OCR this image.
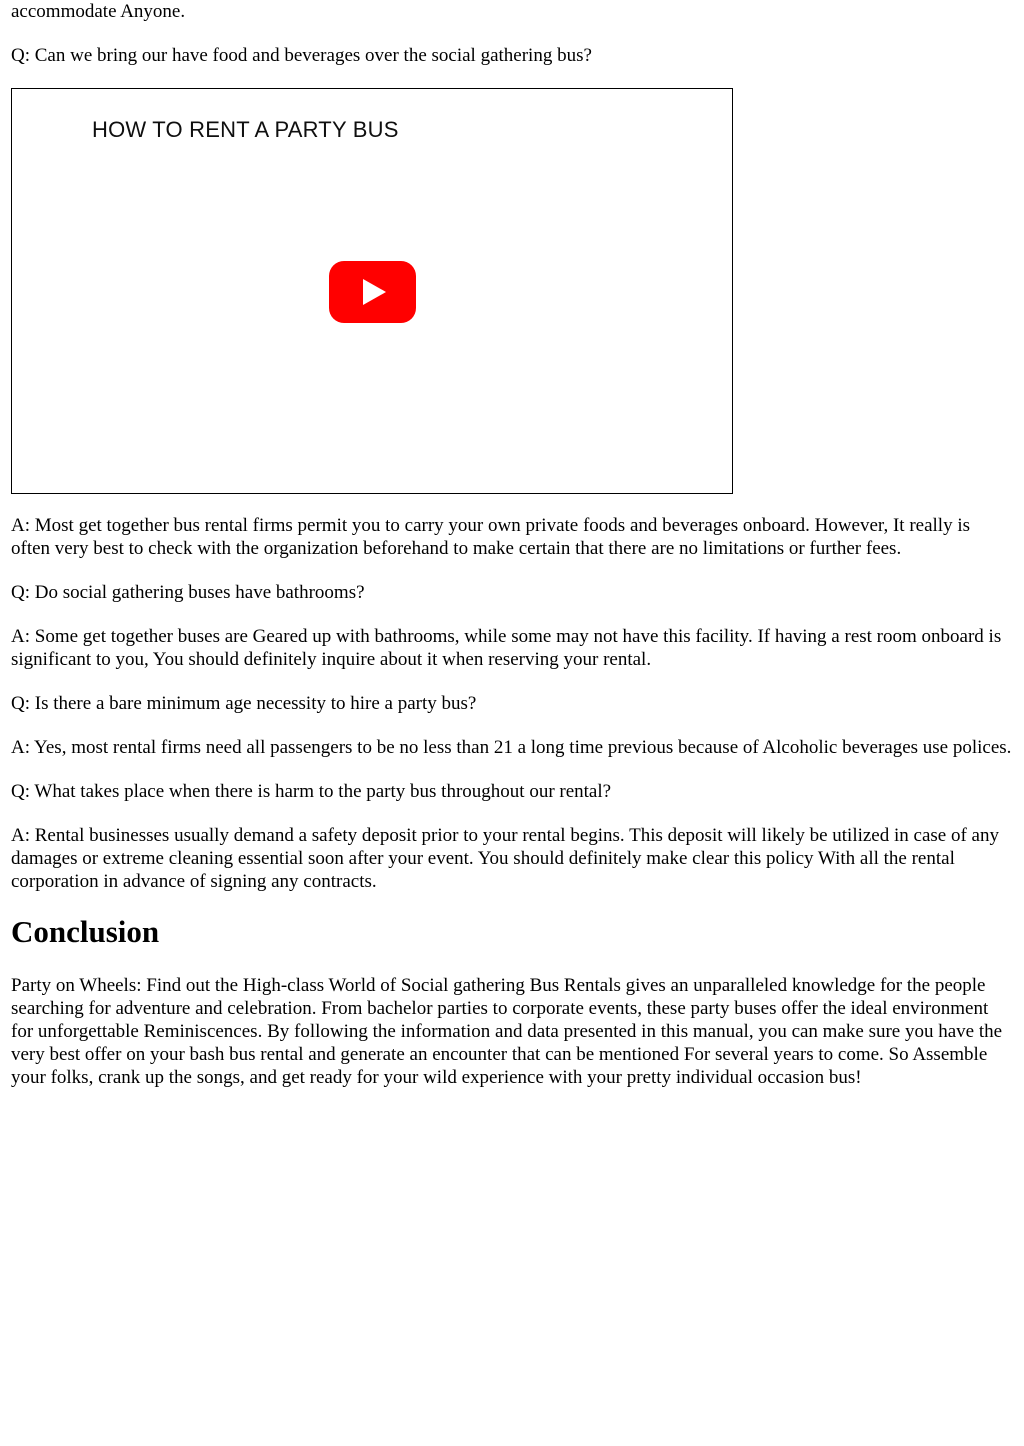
accommodate Anyone.

Q: Can we bring our have food and beverages over the social gathering bus?

HOW TO RENT A PARTY BUS

A: Most get together bus rental firms permit you to carry your own private foods and beverages onboard. However, It really is often very best to check with the organization beforehand to make certain that there are no limitations or further fees.

Q: Do social gathering buses have bathrooms?

A: Some get together buses are Geared up with bathrooms, while some may not have this facility. If having a rest room onboard is significant to you, You should definitely inquire about it when reserving your rental.

Q: Is there a bare minimum age necessity to hire a party bus?

A: Yes, most rental firms need all passengers to be no less than 21 a long time previous because of Alcoholic beverages use polices.

Q: What takes place when there is harm to the party bus throughout our rental?

A: Rental businesses usually demand a safety deposit prior to your rental begins. This deposit will likely be utilized in case of any damages or extreme cleaning essential soon after your event. You should definitely make clear this policy With all the rental corporation in advance of signing any contracts.

Conclusion

Party on Wheels: Find out the High-class World of Social gathering Bus Rentals gives an unparalleled knowledge for the people searching for adventure and celebration. From bachelor parties to corporate events, these party buses offer the ideal environment for unforgettable Reminiscences. By following the information and data presented in this manual, you can make sure you have the very best offer on your bash bus rental and generate an encounter that can be mentioned For several years to come. So Assemble your folks, crank up the songs, and get ready for your wild experience with your pretty individual occasion bus!
